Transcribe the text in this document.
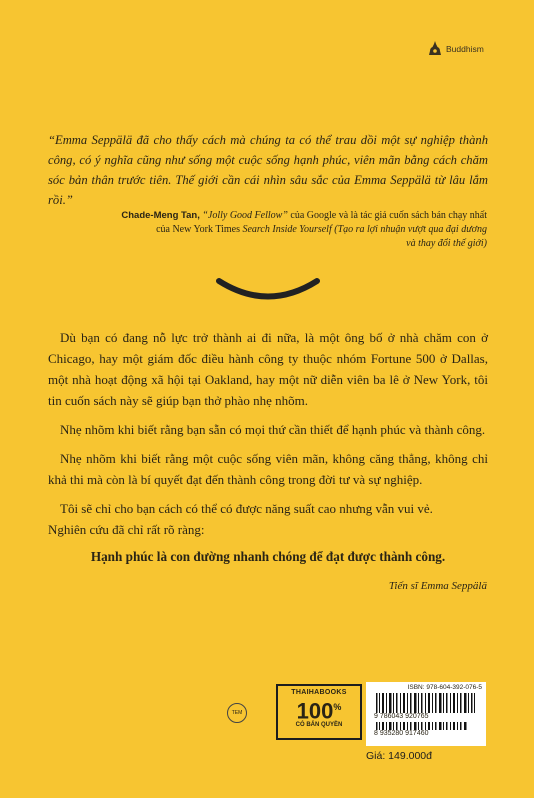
Buddhism
“Emma Seppälä đã cho thấy cách mà chúng ta có thể trau dồi một sự nghiệp thành công, có ý nghĩa cũng như sống một cuộc sống hạnh phúc, viên mãn bằng cách chăm sóc bản thân trước tiên. Thế giới cần cái nhìn sâu sắc của Emma Seppälä từ lâu lắm rồi.”
Chade-Meng Tan, “Jolly Good Fellow” của Google và là tác giả cuốn sách bán chạy nhất
của New York Times Search Inside Yourself (Tạo ra lợi nhuận vượt qua đại dương
và thay đổi thế giới)

Dù bạn có đang nỗ lực trở thành ai đi nữa, là một ông bố ở nhà chăm con ở Chicago, hay một giám đốc điều hành công ty thuộc nhóm Fortune 500 ở Dallas, một nhà hoạt động xã hội tại Oakland, hay một nữ diễn viên ba lê ở New York, tôi tin cuốn sách này sẽ giúp bạn thở phào nhẹ nhõm.

Nhẹ nhõm khi biết rằng bạn sẵn có mọi thứ cần thiết để hạnh phúc và thành công.

Nhẹ nhõm khi biết rằng một cuộc sống viên mãn, không căng thẳng, không chỉ khả thi mà còn là bí quyết đạt đến thành công trong đời tư và sự nghiệp.

Tôi sẽ chỉ cho bạn cách có thể có được năng suất cao nhưng vẫn vui vẻ.

Nghiên cứu đã chỉ rất rõ ràng:

Hạnh phúc là con đường nhanh chóng để đạt được thành công.
Tiến sĩ Emma Seppälä
TEM
THAIHABOOKS
100%
CÓ BẢN QUYỀN
ISBN: 978-604-392-076-5
9 786043 920765
8 935280 917460
Giá: 149.000đ
